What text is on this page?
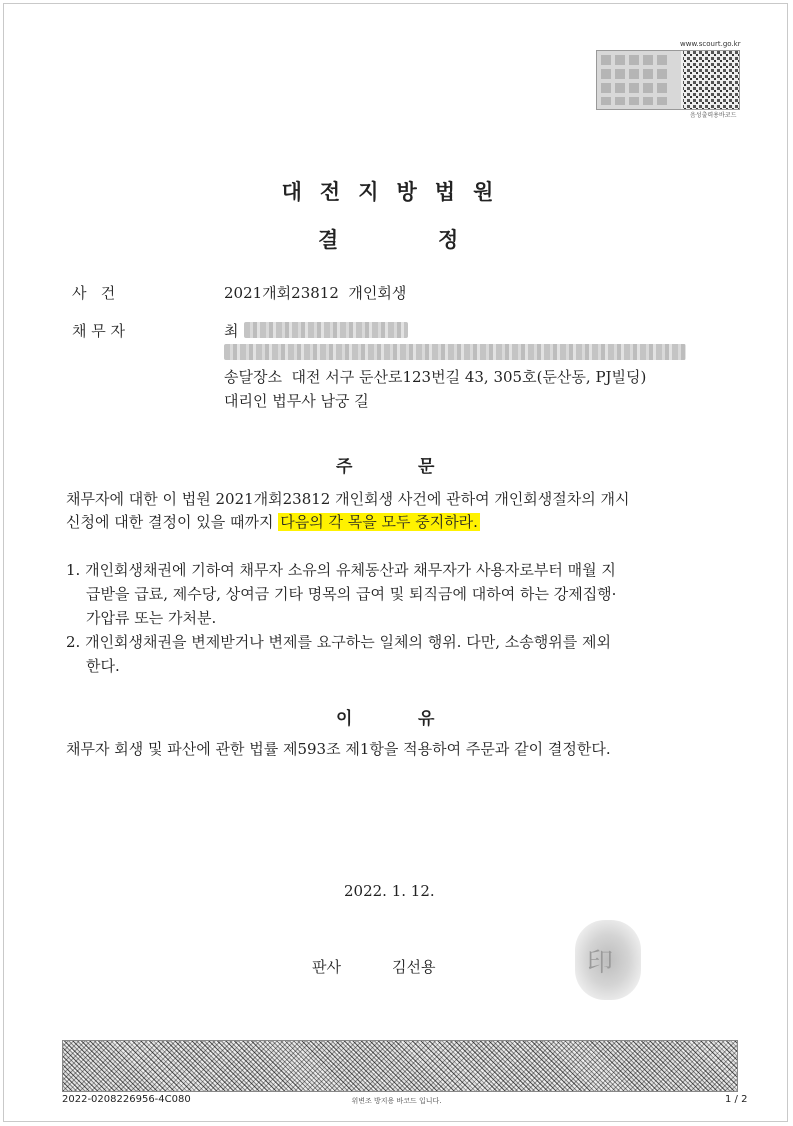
www.scourt.go.kr
음성출력용바코드
대전지방법원
결	정
사   건	2021개회23812  개인회생
채 무 자	최
송달장소  대전 서구 둔산로123번길 43, 305호(둔산동, PJ빌딩)
대리인 법무사 남궁 길
주	문
채무자에 대한 이 법원 2021개회23812 개인회생 사건에 관하여 개인회생절차의 개시
신청에 대한 결정이 있을 때까지 다음의 각 목을 모두 중지하라.
1. 개인회생채권에 기하여 채무자 소유의 유체동산과 채무자가 사용자로부터 매월 지
급받을 급료, 제수당, 상여금 기타 명목의 급여 및 퇴직금에 대하여 하는 강제집행·
가압류 또는 가처분.
2. 개인회생채권을 변제받거나 변제를 요구하는 일체의 행위. 다만, 소송행위를 제외
한다.
이	유
채무자 회생 및 파산에 관한 법률 제593조 제1항을 적용하여 주문과 같이 결정한다.
2022. 1. 12.
판사	김선용	印
2022-0208226956-4C080	위변조 방지용 바코드 입니다.	1 / 2
